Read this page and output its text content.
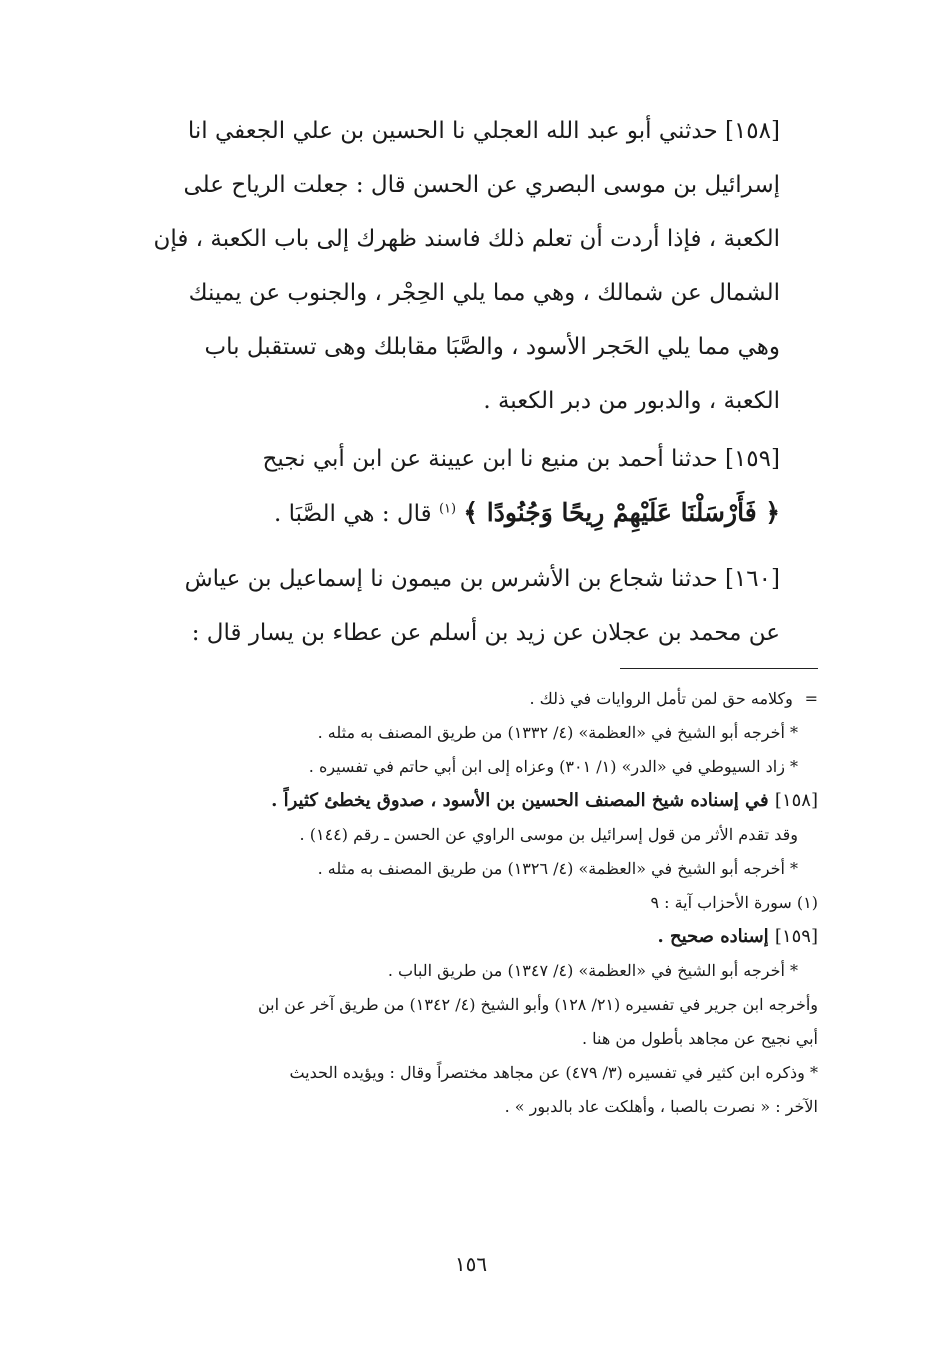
[١٥٨] حدثني أبو عبد الله العجلي نا الحسين بن علي الجعفي انا
إسرائيل بن موسى البصري عن الحسن قال : جعلت الرياح على
الكعبة ، فإذا أردت أن تعلم ذلك فاسند ظهرك إلى باب الكعبة ، فإن
الشمال عن شمالك ، وهي مما يلي الحِجْر ، والجنوب عن يمينك
وهي مما يلي الحَجر الأسود ، والصَّبَا مقابلك وهى تستقبل باب
الكعبة ، والدبور من دبر الكعبة .
[١٥٩] حدثنا أحمد بن منيع نا ابن عيينة عن ابن أبي نجيح
﴿ فَأَرْسَلْنَا عَلَيْهِمْ رِيحًا وَجُنُودًا ﴾ $^{(١)}$ قال : هي الصَّبَا .
[١٦٠] حدثنا شجاع بن الأشرس بن ميمون نا إسماعيل بن عياش
عن محمد بن عجلان عن زيد بن أسلم عن عطاء بن يسار قال :
= وكلامه حق لمن تأمل الروايات في ذلك .
* أخرجه أبو الشيخ في «العظمة» (٤/ ١٣٣٢) من طريق المصنف به مثله .
* زاد السيوطي في «الدر» (١/ ٣٠١) وعزاه إلى ابن أبي حاتم في تفسيره .
[١٥٨] في إسناده شيخ المصنف الحسين بن الأسود ، صدوق يخطئ كثيراً .
وقد تقدم الأثر من قول إسرائيل بن موسى الراوي عن الحسن ـ رقم (١٤٤) .
* أخرجه أبو الشيخ في «العظمة» (٤/ ١٣٢٦) من طريق المصنف به مثله .
(١) سورة الأحزاب آية : ٩
[١٥٩] إسناده صحيح .
* أخرجه أبو الشيخ في «العظمة» (٤/ ١٣٤٧) من طريق الباب .
وأخرجه ابن جرير في تفسيره (٢١/ ١٢٨) وأبو الشيخ (٤/ ١٣٤٢) من طريق آخر عن ابن
أبي نجيح عن مجاهد بأطول من هنا .
* وذكره ابن كثير في تفسيره (٣/ ٤٧٩) عن مجاهد مختصراً وقال : ويؤيده الحديث
الآخر : « نصرت بالصبا ، وأهلكت عاد بالدبور » .
١٥٦
